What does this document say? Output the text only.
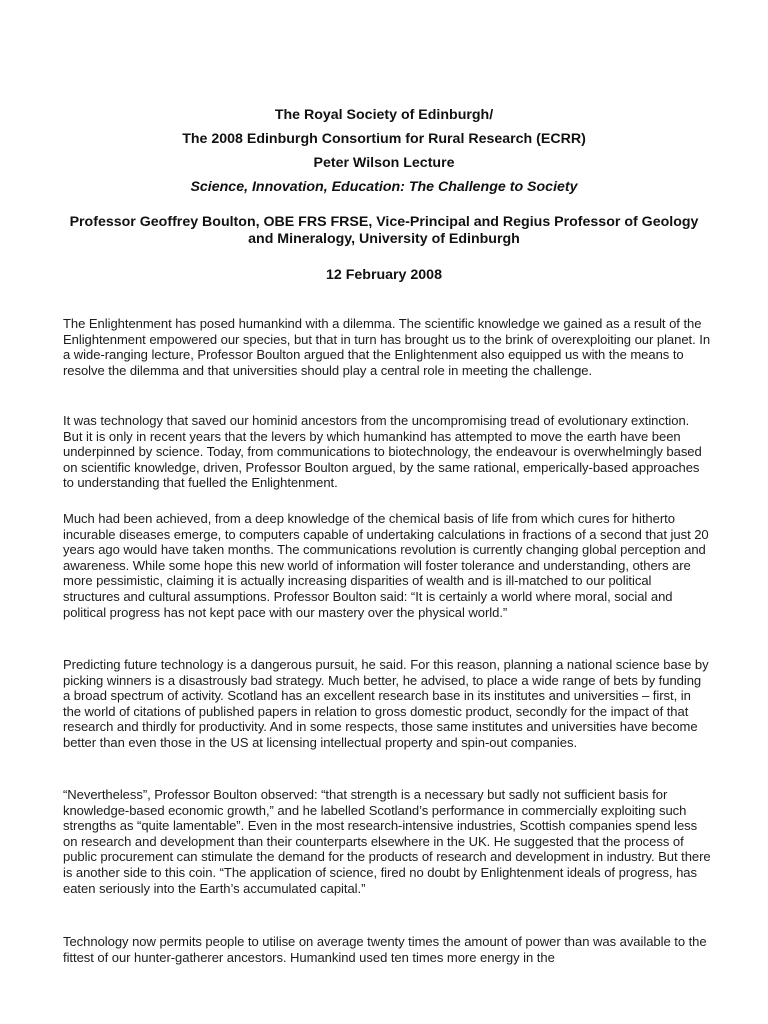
The Royal Society of Edinburgh/
The 2008 Edinburgh Consortium for Rural Research (ECRR)
Peter Wilson Lecture
Science, Innovation, Education: The Challenge to Society
Professor Geoffrey Boulton, OBE FRS FRSE, Vice-Principal and Regius Professor of Geology and Mineralogy, University of Edinburgh
12 February 2008
The Enlightenment has posed humankind with a dilemma. The scientific knowledge we gained as a result of the Enlightenment empowered our species, but that in turn has brought us to the brink of overexploiting our planet. In a wide-ranging lecture, Professor Boulton argued that the Enlightenment also equipped us with the means to resolve the dilemma and that universities should play a central role in meeting the challenge.
It was technology that saved our hominid ancestors from the uncompromising tread of evolutionary extinction. But it is only in recent years that the levers by which humankind has attempted to move the earth have been underpinned by science. Today, from communications to biotechnology, the endeavour is overwhelmingly based on scientific knowledge, driven, Professor Boulton argued, by the same rational, emperically-based approaches to understanding that fuelled the Enlightenment.
Much had been achieved, from a deep knowledge of the chemical basis of life from which cures for hitherto incurable diseases emerge, to computers capable of undertaking calculations in fractions of a second that just 20 years ago would have taken months. The communications revolution is currently changing global perception and awareness. While some hope this new world of information will foster tolerance and understanding, others are more pessimistic, claiming it is actually increasing disparities of wealth and is ill-matched to our political structures and cultural assumptions. Professor Boulton said: “It is certainly a world where moral, social and political progress has not kept pace with our mastery over the physical world.”
Predicting future technology is a dangerous pursuit, he said. For this reason, planning a national science base by picking winners is a disastrously bad strategy. Much better, he advised, to place a wide range of bets by funding a broad spectrum of activity. Scotland has an excellent research base in its institutes and universities – first, in the world of citations of published papers in relation to gross domestic product, secondly for the impact of that research and thirdly for productivity. And in some respects, those same institutes and universities have become better than even those in the US at licensing intellectual property and spin-out companies.
“Nevertheless”, Professor Boulton observed: “that strength is a necessary but sadly not sufficient basis for knowledge-based economic growth,” and he labelled Scotland’s performance in commercially exploiting such strengths as “quite lamentable”. Even in the most research-intensive industries, Scottish companies spend less on research and development than their counterparts elsewhere in the UK. He suggested that the process of public procurement can stimulate the demand for the products of research and development in industry. But there is another side to this coin. “The application of science, fired no doubt by Enlightenment ideals of progress, has eaten seriously into the Earth’s accumulated capital.”
Technology now permits people to utilise on average twenty times the amount of power than was available to the fittest of our hunter-gatherer ancestors. Humankind used ten times more energy in the
